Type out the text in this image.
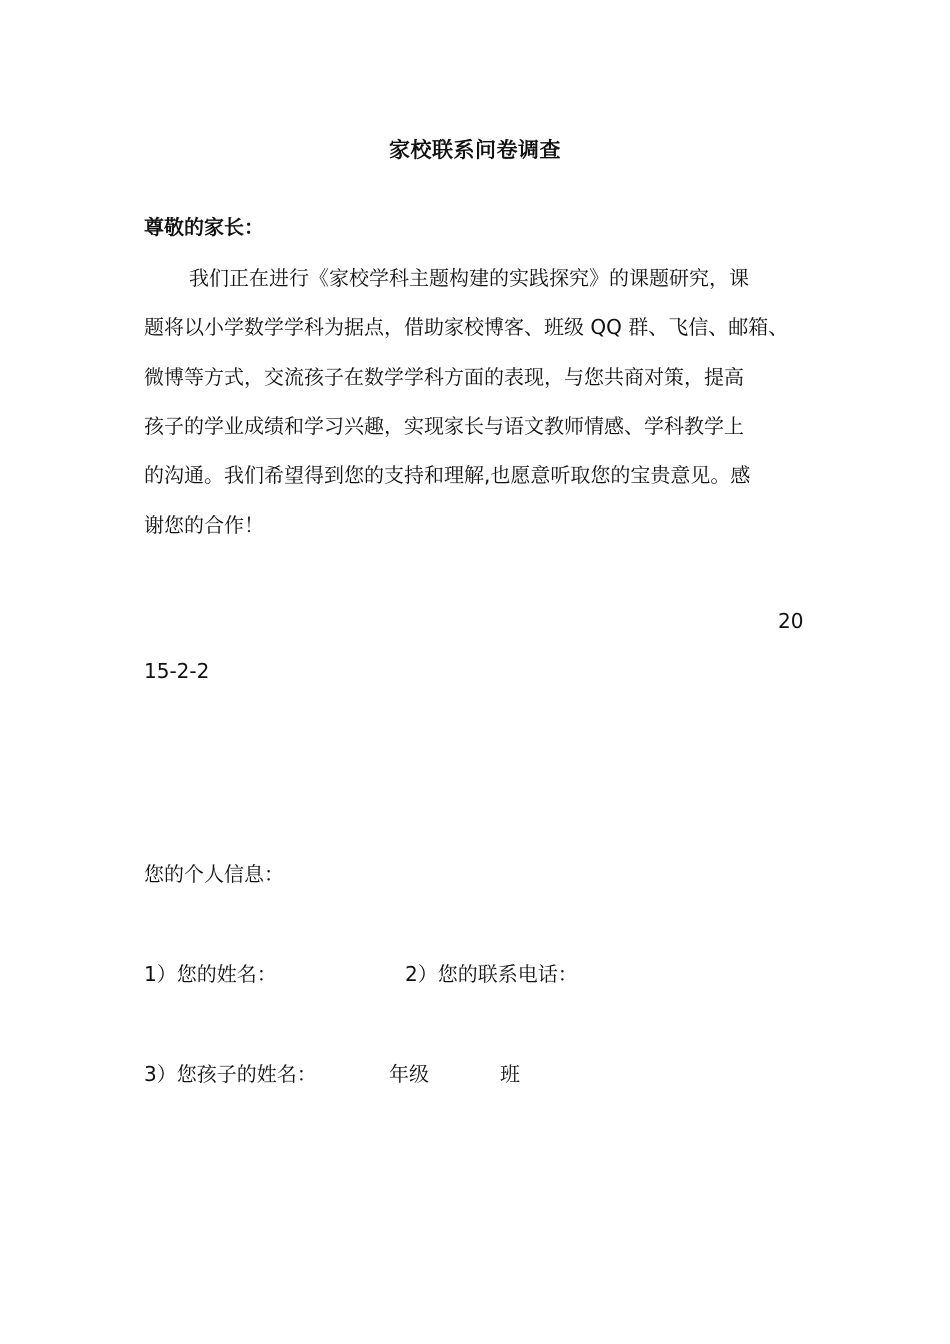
家校联系问卷调查
尊敬的家长：
我们正在进行《家校学科主题构建的实践探究》的课题研究，课
题将以小学数学学科为据点，借助家校博客、班级 QQ 群、飞信、邮箱、
微博等方式，交流孩子在数学学科方面的表现，与您共商对策，提高
孩子的学业成绩和学习兴趣，实现家长与语文教师情感、学科教学上
的沟通。我们希望得到您的支持和理解,也愿意听取您的宝贵意见。感
谢您的合作！
20
15-2-2
您的个人信息：
1）您的姓名：	2）您的联系电话：
3）您孩子的姓名：	年级	班
